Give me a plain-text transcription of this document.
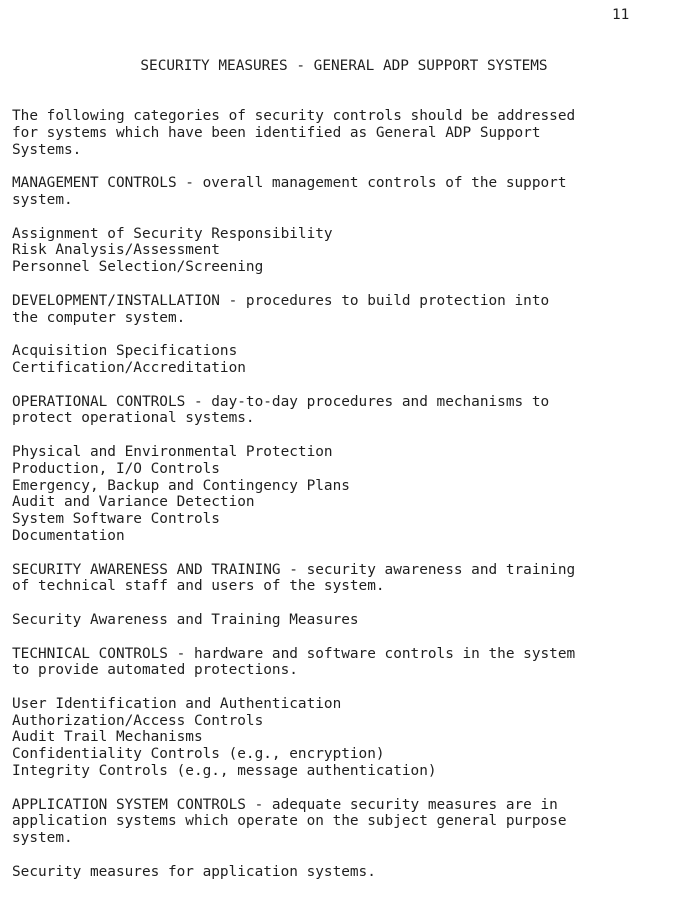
11
SECURITY MEASURES - GENERAL ADP SUPPORT SYSTEMS
The following categories of security controls should be addressed
for systems which have been identified as General ADP Support
Systems.
MANAGEMENT CONTROLS - overall management controls of the support
system.
Assignment of Security Responsibility
Risk Analysis/Assessment
Personnel Selection/Screening
DEVELOPMENT/INSTALLATION - procedures to build protection into
the computer system.
Acquisition Specifications
Certification/Accreditation
OPERATIONAL CONTROLS - day-to-day procedures and mechanisms to
protect operational systems.
Physical and Environmental Protection
Production, I/O Controls
Emergency, Backup and Contingency Plans
Audit and Variance Detection
System Software Controls
Documentation
SECURITY AWARENESS AND TRAINING - security awareness and training
of technical staff and users of the system.
Security Awareness and Training Measures
TECHNICAL CONTROLS - hardware and software controls in the system
to provide automated protections.
User Identification and Authentication
Authorization/Access Controls
Audit Trail Mechanisms
Confidentiality Controls (e.g., encryption)
Integrity Controls (e.g., message authentication)
APPLICATION SYSTEM CONTROLS - adequate security measures are in
application systems which operate on the subject general purpose
system.
Security measures for application systems.
